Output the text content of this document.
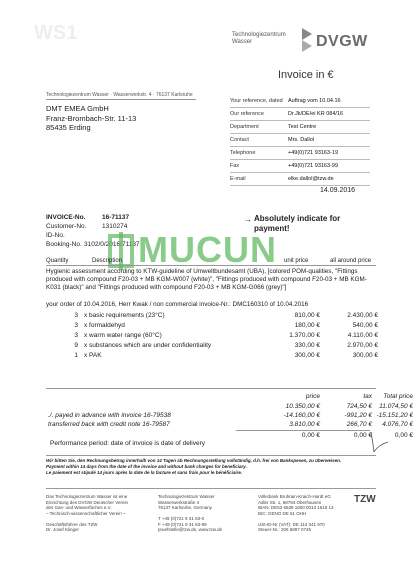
WS1	Technologiezentrum
Wasser	DVGW
Technologiezentrum Wasser · Wasserwerkstr. 4 · 76137 Karlsruhe
Invoice in €
DMT EMEA GmbH
Franz-Brombach-Str. 11-13
85435 Erding
Your reference, dated Auftrag vom 10.04.16
Our reference	Dr.Jk/DE/ei KR 084/16
Department	Test Centre
Contact	Mrs. Dallol
Telephone	+49(0)721 93163-19
Fax	+49(0)721 93163-99
E-mail	elke.dallol@tzw.de
14.09.2016
INVOICE-No.	16-71137
Customer-No. 1310274
ID-No.
Booking-No. 3102/0/2016/71137
→ Absolutely indicate for
payment!
MUCUN
Quantity	Description	unit price	all around price
Hygienic assessment according to KTW-guideline of Umweltbundesamt (UBA), [colored POM-qualities, "Fittings produced with compound F20-03 + MB KGM-W007 (white)", "Fittings produced with compound F20-03 + MB KGM-K031 (black)" and "Fittings produced with compound F20-03 + MB KGM-G066 (grey)"]
your order of 10.04.2016, Herr Kwak / non commercial invoice-Nr.: DMC160310 of 10.04.2016
3 x basic requirements (23°C)	810,00 €	2.430,00 €
3 x formaldehyd	180,00 €	540,00 €
3 x warm water range (60°C)	1.370,00 €	4.110,00 €
9 x substances which are under confidentiality	330,00 €	2.970,00 €
1 x PAK	300,00 €	300,00 €
price	tax	Total price
10.350,00 €	724,50 €	11.074,50 €
./. payed in advance with invoice 16-79538	-14.160,00 €	-991,20 € -15.151,20 €
transferred back with credit note 16-79587	3.810,00 €	266,70 €	4.076,70 €
0,00 €	0,00 €	0,00 €
Performance period: date of invoice is date of delivery
Wir bitten Sie, den Rechnungsbetrag innerhalb von 14 Tagen ab Rechnungsstellung vollständig, d.h. frei von Bankspesen, zu überweisen.
Payment within 14 days from the date of the invoice and without bank charges for beneficiary.
Le paiement est stipulé 14 jours après la date de la facture et sans frais pour le bénéficiaire.
Das Technologiezentrum Wasser ist eine
Einrichtung des DVGW Deutscher Verein
des Gas- und Wasserfaches e.V.
– Technisch-wissenschaftlicher Verein –

Geschäftsführer des TZW
Dr. Josef Klinger
Technologiezentrum Wasser
Wasserwerkstraße 4
76137 Karlsruhe, Germany

T +49 (0)721 9 31 63-0
F +49 (0)721 9 31 63-99
pruefstelle@tzw.de, www.tzw.de
Volksbank Bruhrain-Kraich-Hardt eG
Adler Str. 1, 68794 Oberhausen
IBAN: DE53 6639 1600 0013 1619 13
BIC: GENO DE 61 OHH

USt-ID-Nr (VAT): DE 114 341 970
Steuer-Nr.: 206 5897 0745
TZW
